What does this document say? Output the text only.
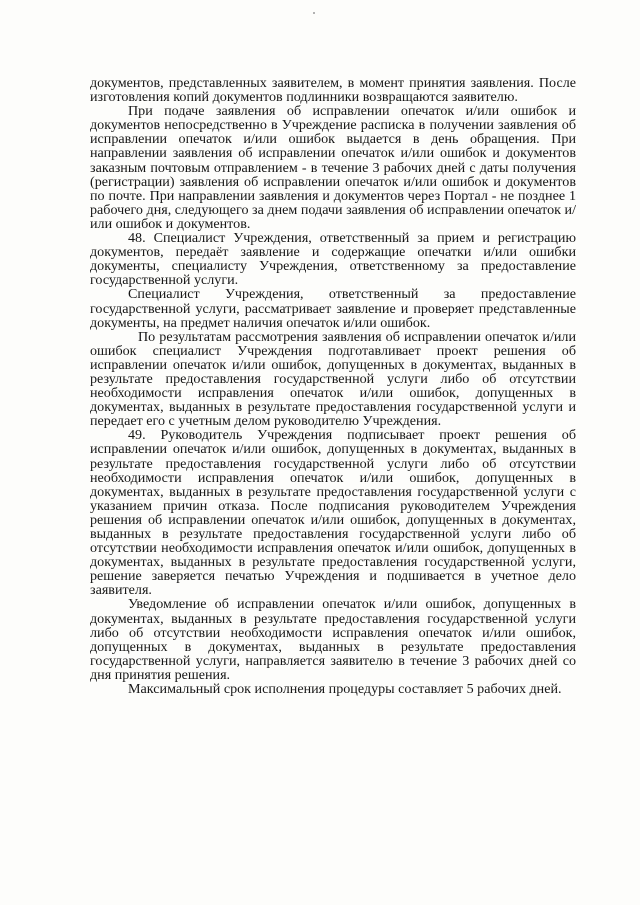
документов, представленных заявителем, в момент принятия заявления. После изготовления копий документов подлинники возвращаются заявителю.

При подаче заявления об исправлении опечаток и/или ошибок и документов непосредственно в Учреждение расписка в получении заявления об исправлении опечаток и/или ошибок выдается в день обращения. При направлении заявления об исправлении опечаток и/или ошибок и документов заказным почтовым отправлением - в течение 3 рабочих дней с даты получения (регистрации) заявления об исправлении опечаток и/или ошибок и документов по почте. При направлении заявления и документов через Портал - не позднее 1 рабочего дня, следующего за днем подачи заявления об исправлении опечаток и/или ошибок и документов.

48. Специалист Учреждения, ответственный за прием и регистрацию документов, передаёт заявление и содержащие опечатки и/или ошибки документы, специалисту Учреждения, ответственному за предоставление государственной услуги.

Специалист Учреждения, ответственный за предоставление государственной услуги, рассматривает заявление и проверяет представленные документы, на предмет наличия опечаток и/или ошибок.

По результатам рассмотрения заявления об исправлении опечаток и/или ошибок специалист Учреждения подготавливает проект решения об исправлении опечаток и/или ошибок, допущенных в документах, выданных в результате предоставления государственной услуги либо об отсутствии необходимости исправления опечаток и/или ошибок, допущенных в документах, выданных в результате предоставления государственной услуги и передает его с учетным делом руководителю Учреждения.

49. Руководитель Учреждения подписывает проект решения об исправлении опечаток и/или ошибок, допущенных в документах, выданных в результате предоставления государственной услуги либо об отсутствии необходимости исправления опечаток и/или ошибок, допущенных в документах, выданных в результате предоставления государственной услуги с указанием причин отказа. После подписания руководителем Учреждения решения об исправлении опечаток и/или ошибок, допущенных в документах, выданных в результате предоставления государственной услуги либо об отсутствии необходимости исправления опечаток и/или ошибок, допущенных в документах, выданных в результате предоставления государственной услуги, решение заверяется печатью Учреждения и подшивается в учетное дело заявителя.

Уведомление об исправлении опечаток и/или ошибок, допущенных в документах, выданных в результате предоставления государственной услуги либо об отсутствии необходимости исправления опечаток и/или ошибок, допущенных в документах, выданных в результате предоставления государственной услуги, направляется заявителю в течение 3 рабочих дней со дня принятия решения.

Максимальный срок исполнения процедуры составляет 5 рабочих дней.
